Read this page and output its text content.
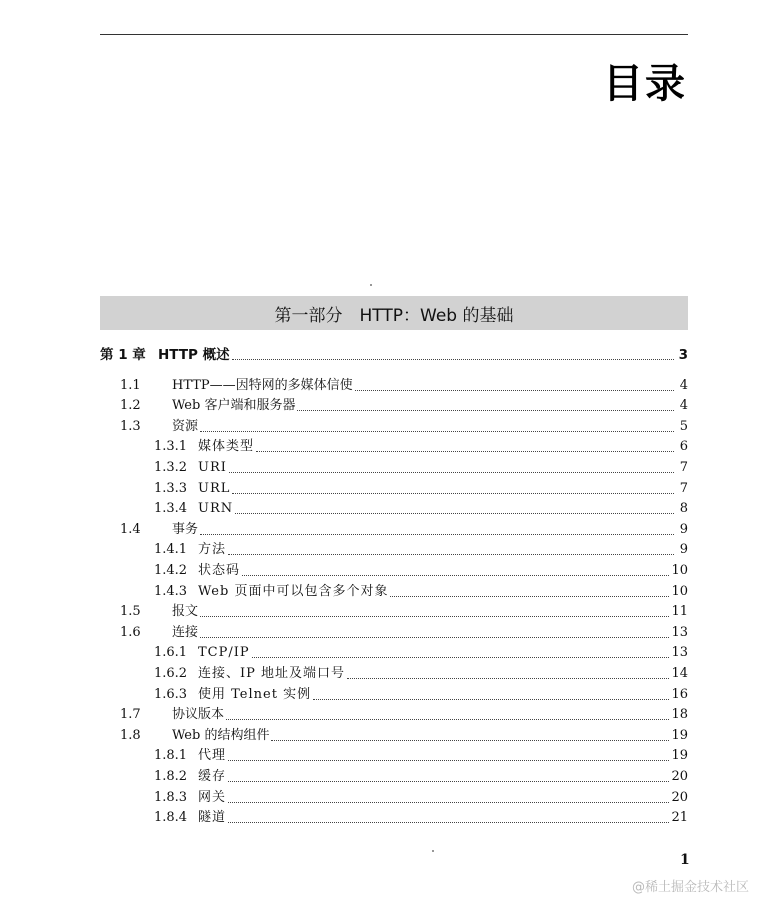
目录
第一部分　HTTP：Web 的基础
第 1 章 HTTP 概述	3
1.1	HTTP——因特网的多媒体信使	4
1.2	Web 客户端和服务器	4
1.3	资源	5
1.3.1 媒体类型	6
1.3.2 URI	7
1.3.3 URL	7
1.3.4 URN	8
1.4	事务	9
1.4.1 方法	9
1.4.2 状态码	10
1.4.3 Web 页面中可以包含多个对象	10
1.5	报文	11
1.6	连接	13
1.6.1 TCP/IP	13
1.6.2 连接、IP 地址及端口号	14
1.6.3 使用 Telnet 实例	16
1.7	协议版本	18
1.8	Web 的结构组件	19
1.8.1 代理	19
1.8.2 缓存	20
1.8.3 网关	20
1.8.4 隧道	21
1
@稀土掘金技术社区
